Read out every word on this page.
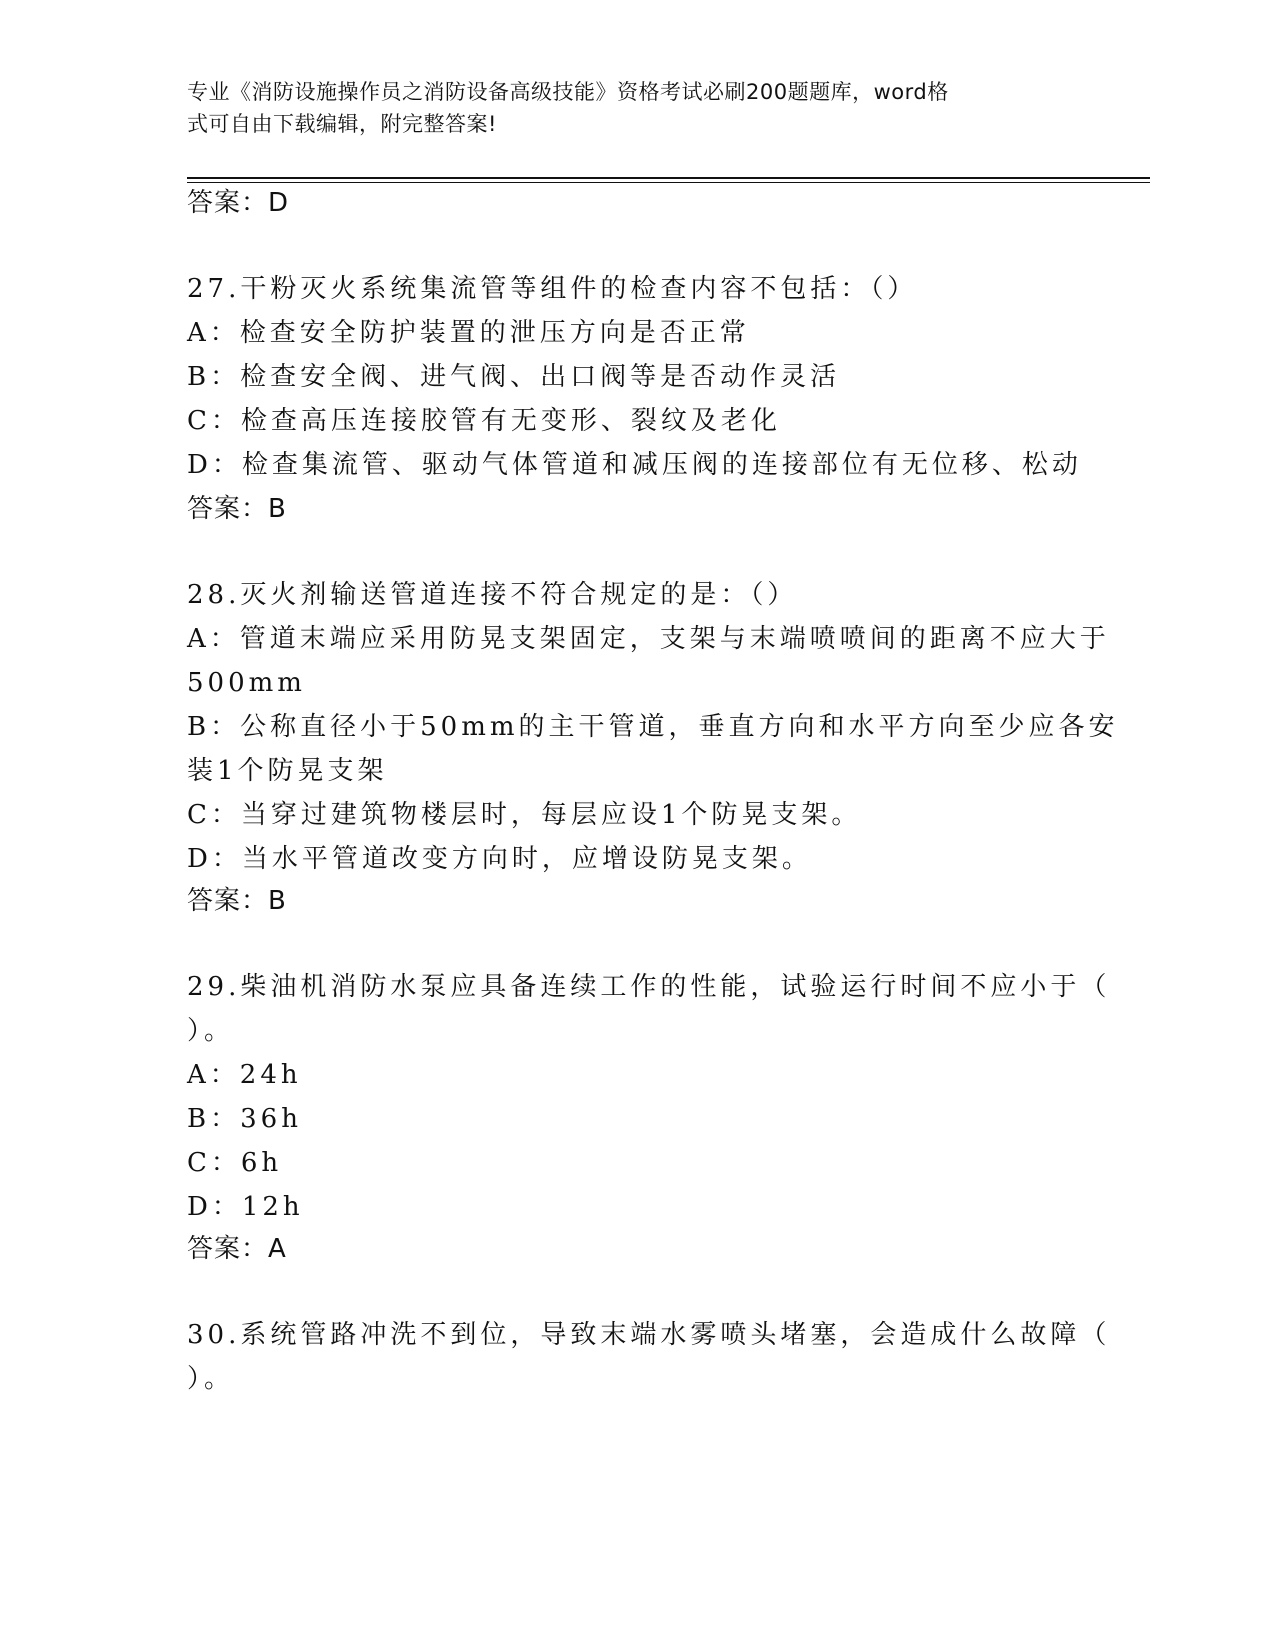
专业《消防设施操作员之消防设备高级技能》资格考试必刷200题题库，word格
式可自由下载编辑，附完整答案!
答案：D
27.干粉灭火系统集流管等组件的检查内容不包括：（）
A：检查安全防护装置的泄压方向是否正常
B：检查安全阀、进气阀、出口阀等是否动作灵活
C：检查高压连接胶管有无变形、裂纹及老化
D：检查集流管、驱动气体管道和减压阀的连接部位有无位移、松动
答案：B
28.灭火剂输送管道连接不符合规定的是：（）
A：管道末端应采用防晃支架固定，支架与末端喷喷间的距离不应大于
500mm
B：公称直径小于50mm的主干管道，垂直方向和水平方向至少应各安
装1个防晃支架
C：当穿过建筑物楼层时，每层应设1个防晃支架。
D：当水平管道改变方向时，应增设防晃支架。
答案：B
29.柴油机消防水泵应具备连续工作的性能，试验运行时间不应小于（
）。
A：24h
B：36h
C：6h
D：12h
答案：A
30.系统管路冲洗不到位，导致末端水雾喷头堵塞，会造成什么故障（
）。
